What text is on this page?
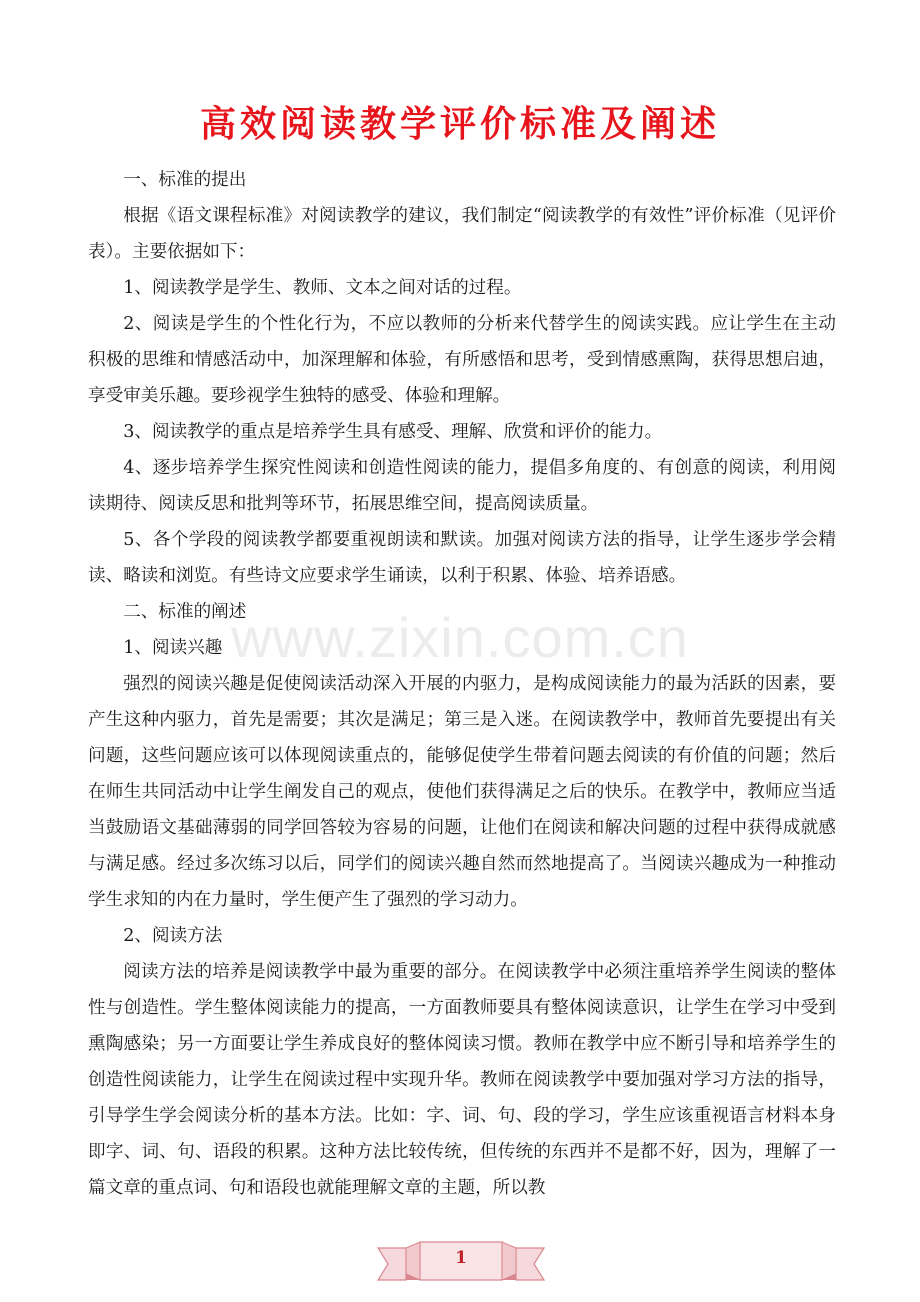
高效阅读教学评价标准及阐述

一、标准的提出

根据《语文课程标准》对阅读教学的建议，我们制定“阅读教学的有效性”评价标准（见评价表）。主要依据如下：

1、阅读教学是学生、教师、文本之间对话的过程。

2、阅读是学生的个性化行为，不应以教师的分析来代替学生的阅读实践。应让学生在主动积极的思维和情感活动中，加深理解和体验，有所感悟和思考，受到情感熏陶，获得思想启迪，享受审美乐趣。要珍视学生独特的感受、体验和理解。

3、阅读教学的重点是培养学生具有感受、理解、欣赏和评价的能力。

4、逐步培养学生探究性阅读和创造性阅读的能力，提倡多角度的、有创意的阅读，利用阅读期待、阅读反思和批判等环节，拓展思维空间，提高阅读质量。

5、各个学段的阅读教学都要重视朗读和默读。加强对阅读方法的指导，让学生逐步学会精读、略读和浏览。有些诗文应要求学生诵读，以利于积累、体验、培养语感。

二、标准的阐述

1、阅读兴趣

强烈的阅读兴趣是促使阅读活动深入开展的内驱力，是构成阅读能力的最为活跃的因素，要产生这种内驱力，首先是需要；其次是满足；第三是入迷。在阅读教学中，教师首先要提出有关问题，这些问题应该可以体现阅读重点的，能够促使学生带着问题去阅读的有价值的问题；然后在师生共同活动中让学生阐发自己的观点，使他们获得满足之后的快乐。在教学中，教师应当适当鼓励语文基础薄弱的同学回答较为容易的问题，让他们在阅读和解决问题的过程中获得成就感与满足感。经过多次练习以后，同学们的阅读兴趣自然而然地提高了。当阅读兴趣成为一种推动学生求知的内在力量时，学生便产生了强烈的学习动力。

2、阅读方法

阅读方法的培养是阅读教学中最为重要的部分。在阅读教学中必须注重培养学生阅读的整体性与创造性。学生整体阅读能力的提高，一方面教师要具有整体阅读意识，让学生在学习中受到熏陶感染；另一方面要让学生养成良好的整体阅读习惯。教师在教学中应不断引导和培养学生的创造性阅读能力，让学生在阅读过程中实现升华。教师在阅读教学中要加强对学习方法的指导，引导学生学会阅读分析的基本方法。比如：字、词、句、段的学习，学生应该重视语言材料本身即字、词、句、语段的积累。这种方法比较传统，但传统的东西并不是都不好，因为，理解了一篇文章的重点词、句和语段也就能理解文章的主题，所以教

www.zixin.com.cn
1
